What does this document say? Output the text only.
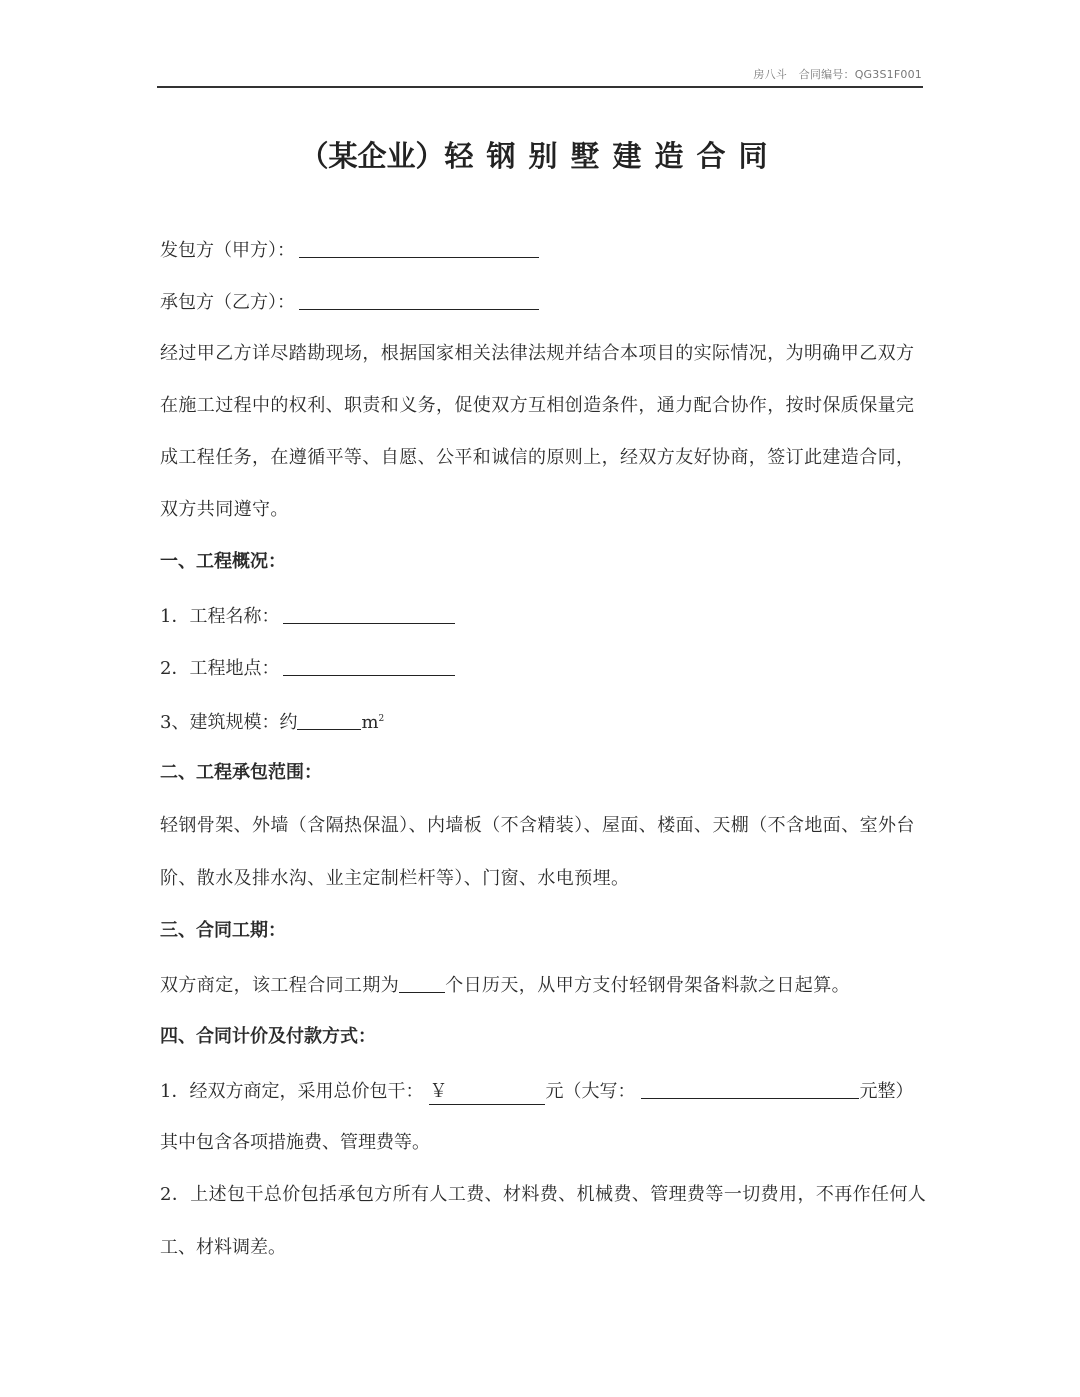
房八斗 合同编号：QG3S1F001
（某企业）轻钢别墅建造合同
发包方（甲方）：
承包方（乙方）：
经过甲乙方详尽踏勘现场，根据国家相关法律法规并结合本项目的实际情况，为明确甲乙双方
在施工过程中的权利、职责和义务，促使双方互相创造条件，通力配合协作，按时保质保量完
成工程任务，在遵循平等、自愿、公平和诚信的原则上，经双方友好协商，签订此建造合同，
双方共同遵守。
一、工程概况：
1．工程名称：
2．工程地点：
3、建筑规模：约	$m^2$
二、工程承包范围：
轻钢骨架、外墙（含隔热保温）、内墙板（不含精装）、屋面、楼面、天棚（不含地面、室外台
阶、散水及排水沟、业主定制栏杆等）、门窗、水电预埋。
三、合同工期：
双方商定，该工程合同工期为	个日历天，从甲方支付轻钢骨架备料款之日起算。
四、合同计价及付款方式：
1．经双方商定，采用总价包干： ￥	元（大写：	元整）
其中包含各项措施费、管理费等。
2．上述包干总价包括承包方所有人工费、材料费、机械费、管理费等一切费用，不再作任何人
工、材料调差。
